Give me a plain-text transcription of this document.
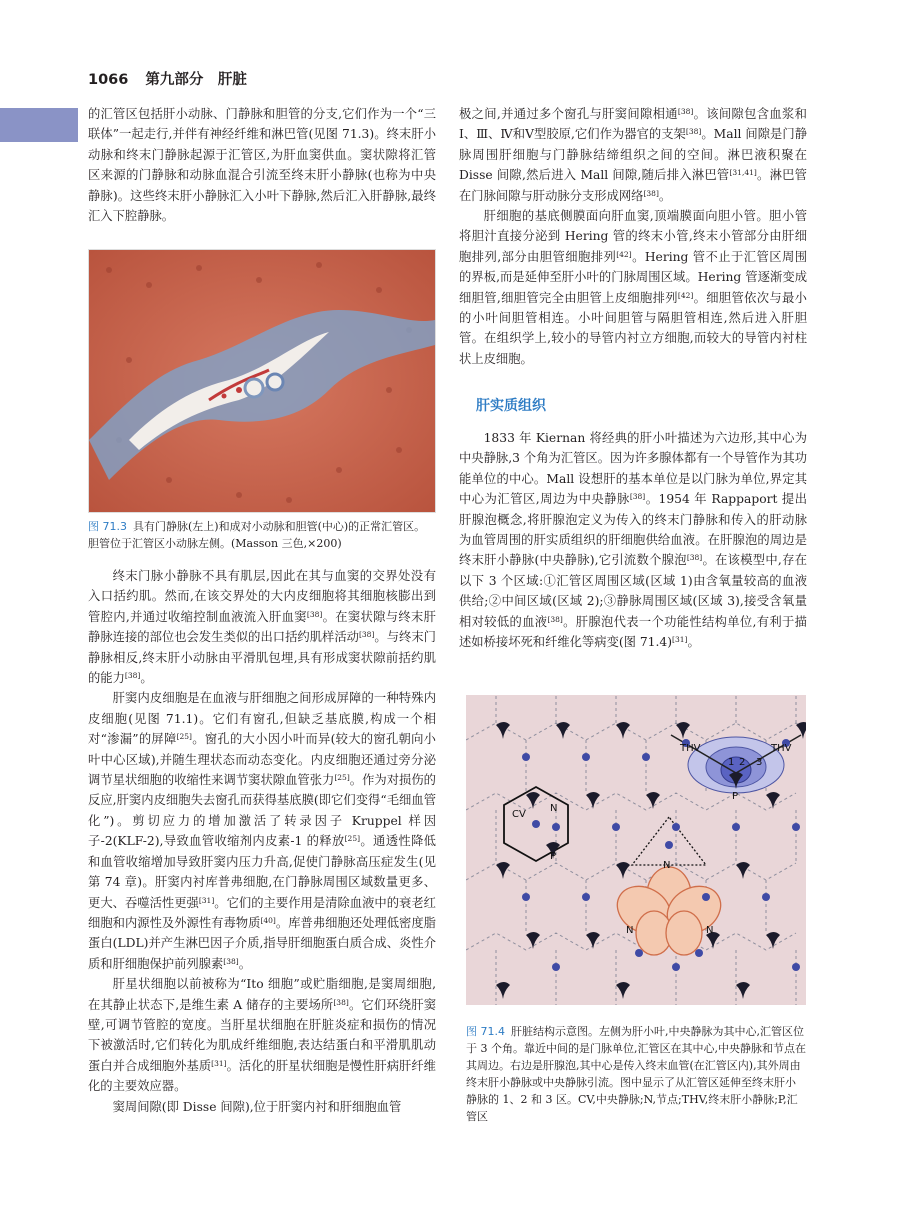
1066 第九部分　肝脏

的汇管区包括肝小动脉、门静脉和胆管的分支,它们作为一个“三联体”一起走行,并伴有神经纤维和淋巴管(见图 71.3)。终末肝小动脉和终末门静脉起源于汇管区,为肝血窦供血。窦状隙将汇管区来源的门静脉和动脉血混合引流至终末肝小静脉(也称为中央静脉)。这些终末肝小静脉汇入小叶下静脉,然后汇入肝静脉,最终汇入下腔静脉。

图 71.3 具有门静脉(左上)和成对小动脉和胆管(中心)的正常汇管区。胆管位于汇管区小动脉左侧。(Masson 三色,×200)

终末门脉小静脉不具有肌层,因此在其与血窦的交界处没有入口括约肌。然而,在该交界处的大内皮细胞将其细胞核膨出到管腔内,并通过收缩控制血液流入肝血窦[38]。在窦状隙与终末肝静脉连接的部位也会发生类似的出口括约肌样活动[38]。与终末门静脉相反,终末肝小动脉由平滑肌包埋,具有形成窦状隙前括约肌的能力[38]。

肝窦内皮细胞是在血液与肝细胞之间形成屏障的一种特殊内皮细胞(见图 71.1)。它们有窗孔,但缺乏基底膜,构成一个相对“渗漏”的屏障[25]。窗孔的大小因小叶而异(较大的窗孔朝向小叶中心区域),并随生理状态而动态变化。内皮细胞还通过旁分泌调节星状细胞的收缩性来调节窦状隙血管张力[25]。作为对损伤的反应,肝窦内皮细胞失去窗孔而获得基底膜(即它们变得“毛细血管化”)。剪切应力的增加激活了转录因子 Kruppel 样因子-2(KLF-2),导致血管收缩剂内皮素-1 的释放[25]。通透性降低和血管收缩增加导致肝窦内压力升高,促使门静脉高压症发生(见第 74 章)。肝窦内衬库普弗细胞,在门静脉周围区域数量更多、更大、吞噬活性更强[31]。它们的主要作用是清除血液中的衰老红细胞和内源性及外源性有毒物质[40]。库普弗细胞还处理低密度脂蛋白(LDL)并产生淋巴因子介质,指导肝细胞蛋白质合成、炎性介质和肝细胞保护前列腺素[38]。

肝星状细胞以前被称为“Ito 细胞”或贮脂细胞,是窦周细胞,在其静止状态下,是维生素 A 储存的主要场所[38]。它们环绕肝窦壁,可调节管腔的宽度。当肝星状细胞在肝脏炎症和损伤的情况下被激活时,它们转化为肌成纤维细胞,表达结蛋白和平滑肌肌动蛋白并合成细胞外基质[31]。活化的肝星状细胞是慢性肝病肝纤维化的主要效应器。

窦周间隙(即 Disse 间隙),位于肝窦内衬和肝细胞血管

极之间,并通过多个窗孔与肝窦间隙相通[38]。该间隙包含血浆和Ⅰ、Ⅲ、Ⅳ和Ⅴ型胶原,它们作为器官的支架[38]。Mall 间隙是门静脉周围肝细胞与门静脉结缔组织之间的空间。淋巴液积聚在 Disse 间隙,然后进入 Mall 间隙,随后排入淋巴管[31,41]。淋巴管在门脉间隙与肝动脉分支形成网络[38]。

肝细胞的基底侧膜面向肝血窦,顶端膜面向胆小管。胆小管将胆汁直接分泌到 Hering 管的终末小管,终末小管部分由肝细胞排列,部分由胆管细胞排列[42]。Hering 管不止于汇管区周围的界板,而是延伸至肝小叶的门脉周围区域。Hering 管逐渐变成细胆管,细胆管完全由胆管上皮细胞排列[42]。细胆管依次与最小的小叶间胆管相连。小叶间胆管与隔胆管相连,然后进入肝胆管。在组织学上,较小的导管内衬立方细胞,而较大的导管内衬柱状上皮细胞。

肝实质组织

1833 年 Kiernan 将经典的肝小叶描述为六边形,其中心为中央静脉,3 个角为汇管区。因为许多腺体都有一个导管作为其功能单位的中心。Mall 设想肝的基本单位是以门脉为单位,界定其中心为汇管区,周边为中央静脉[38]。1954 年 Rappaport 提出肝腺泡概念,将肝腺泡定义为传入的终末门静脉和传入的肝动脉为血管周围的肝实质组织的肝细胞供给血液。在肝腺泡的周边是终末肝小静脉(中央静脉),它引流数个腺泡[38]。在该模型中,存在以下 3 个区域:①汇管区周围区域(区域 1)由含氧量较高的血液供给;②中间区域(区域 2);③静脉周围区域(区域 3),接受含氧量相对较低的血液[38]。肝腺泡代表一个功能性结构单位,有利于描述如桥接坏死和纤维化等病变(图 71.4)[31]。

THV	THV
1 2 3
P
CV
N
P
N
N	N
图 71.4 肝脏结构示意图。左侧为肝小叶,中央静脉为其中心,汇管区位于 3 个角。靠近中间的是门脉单位,汇管区在其中心,中央静脉和节点在其周边。右边是肝腺泡,其中心是传入终末血管(在汇管区内),其外周由终末肝小静脉或中央静脉引流。图中显示了从汇管区延伸至终末肝小静脉的 1、2 和 3 区。CV,中央静脉;N,节点;THV,终末肝小静脉;P,汇管区
